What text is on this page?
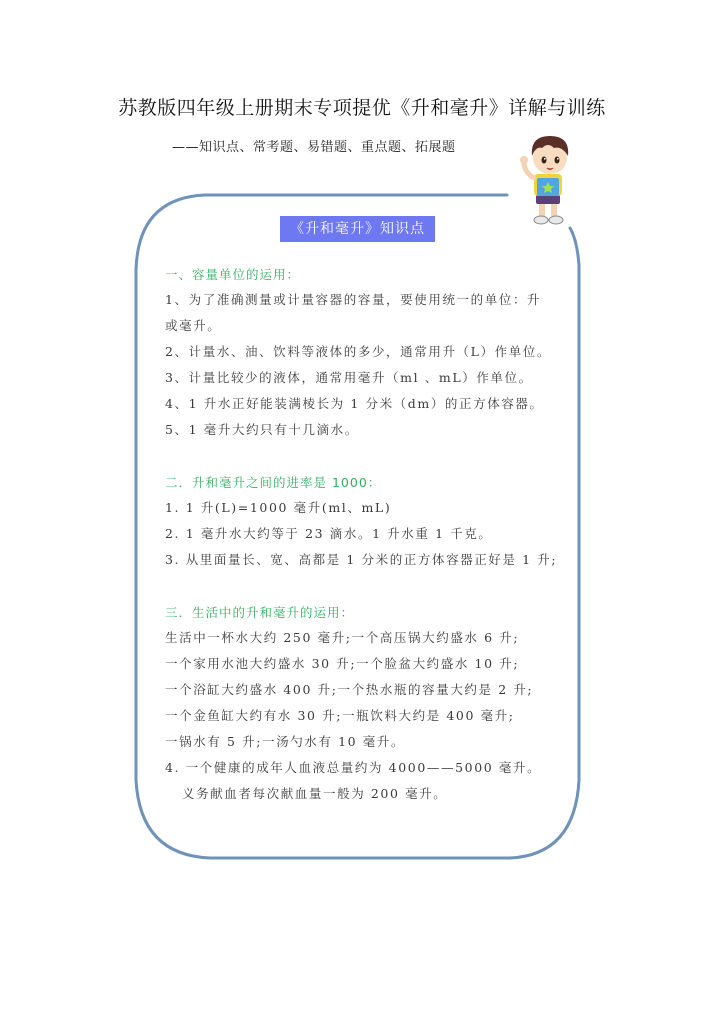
苏教版四年级上册期末专项提优《升和毫升》详解与训练
——知识点、常考题、易错题、重点题、拓展题
《升和毫升》知识点
一、容量单位的运用：
1、为了准确测量或计量容器的容量，要使用统一的单位：升
或毫升。
2、计量水、油、饮料等液体的多少，通常用升（L）作单位。
3、计量比较少的液体，通常用毫升（ml 、mL）作单位。
4、1 升水正好能装满棱长为 1 分米（dm）的正方体容器。
5、1 毫升大约只有十几滴水。
二．升和毫升之间的进率是 1000：
1. 1 升(L)=1000 毫升(ml、mL)
2. 1 毫升水大约等于 23 滴水。1 升水重 1 千克。
3. 从里面量长、宽、高都是 1 分米的正方体容器正好是 1 升;
三．生活中的升和毫升的运用：
生活中一杯水大约 250 毫升;一个高压锅大约盛水 6 升;
一个家用水池大约盛水 30 升;一个脸盆大约盛水 10 升;
一个浴缸大约盛水 400 升;一个热水瓶的容量大约是 2 升;
一个金鱼缸大约有水 30 升;一瓶饮料大约是 400 毫升;
一锅水有 5 升;一汤勺水有 10 毫升。
4. 一个健康的成年人血液总量约为 4000——5000 毫升。
义务献血者每次献血量一般为 200 毫升。
